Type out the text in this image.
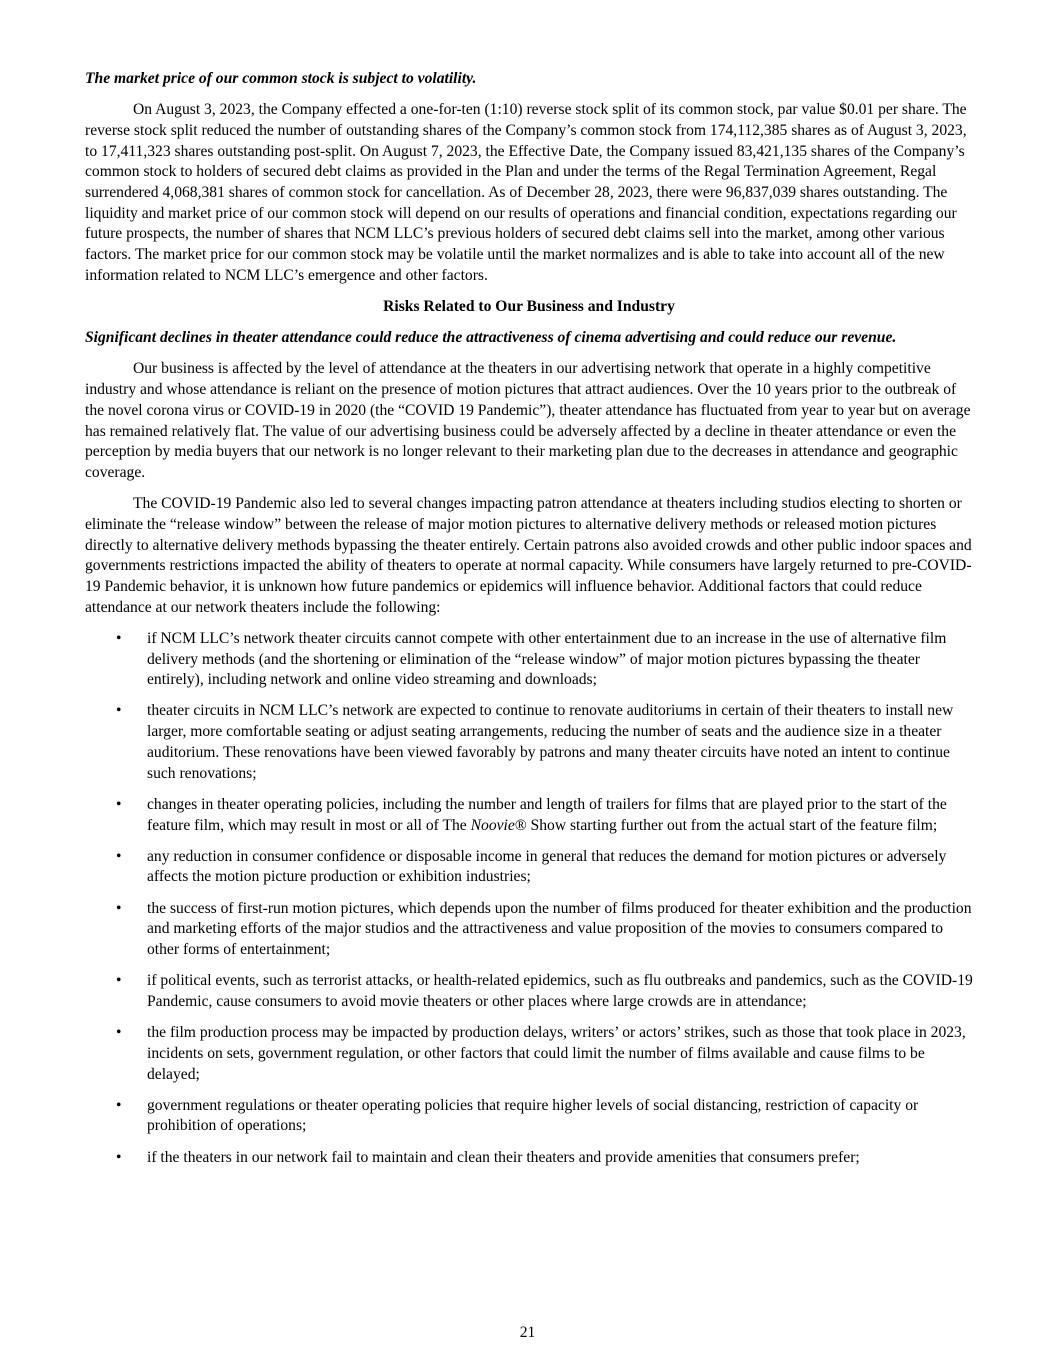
The market price of our common stock is subject to volatility.

On August 3, 2023, the Company effected a one-for-ten (1:10) reverse stock split of its common stock, par value $0.01 per share. The reverse stock split reduced the number of outstanding shares of the Company’s common stock from 174,112,385 shares as of August 3, 2023, to 17,411,323 shares outstanding post-split. On August 7, 2023, the Effective Date, the Company issued 83,421,135 shares of the Company’s common stock to holders of secured debt claims as provided in the Plan and under the terms of the Regal Termination Agreement, Regal surrendered 4,068,381 shares of common stock for cancellation. As of December 28, 2023, there were 96,837,039 shares outstanding. The liquidity and market price of our common stock will depend on our results of operations and financial condition, expectations regarding our future prospects, the number of shares that NCM LLC’s previous holders of secured debt claims sell into the market, among other various factors. The market price for our common stock may be volatile until the market normalizes and is able to take into account all of the new information related to NCM LLC’s emergence and other factors.

Risks Related to Our Business and Industry

Significant declines in theater attendance could reduce the attractiveness of cinema advertising and could reduce our revenue.

Our business is affected by the level of attendance at the theaters in our advertising network that operate in a highly competitive industry and whose attendance is reliant on the presence of motion pictures that attract audiences. Over the 10 years prior to the outbreak of the novel corona virus or COVID-19 in 2020 (the “COVID 19 Pandemic”), theater attendance has fluctuated from year to year but on average has remained relatively flat. The value of our advertising business could be adversely affected by a decline in theater attendance or even the perception by media buyers that our network is no longer relevant to their marketing plan due to the decreases in attendance and geographic coverage.

The COVID-19 Pandemic also led to several changes impacting patron attendance at theaters including studios electing to shorten or eliminate the “release window” between the release of major motion pictures to alternative delivery methods or released motion pictures directly to alternative delivery methods bypassing the theater entirely. Certain patrons also avoided crowds and other public indoor spaces and governments restrictions impacted the ability of theaters to operate at normal capacity. While consumers have largely returned to pre-COVID-19 Pandemic behavior, it is unknown how future pandemics or epidemics will influence behavior. Additional factors that could reduce attendance at our network theaters include the following:

• if NCM LLC’s network theater circuits cannot compete with other entertainment due to an increase in the use of alternative film delivery methods (and the shortening or elimination of the “release window” of major motion pictures bypassing the theater entirely), including network and online video streaming and downloads;
• theater circuits in NCM LLC’s network are expected to continue to renovate auditoriums in certain of their theaters to install new larger, more comfortable seating or adjust seating arrangements, reducing the number of seats and the audience size in a theater auditorium. These renovations have been viewed favorably by patrons and many theater circuits have noted an intent to continue such renovations;
• changes in theater operating policies, including the number and length of trailers for films that are played prior to the start of the feature film, which may result in most or all of The Noovie® Show starting further out from the actual start of the feature film;
• any reduction in consumer confidence or disposable income in general that reduces the demand for motion pictures or adversely affects the motion picture production or exhibition industries;
• the success of first-run motion pictures, which depends upon the number of films produced for theater exhibition and the production and marketing efforts of the major studios and the attractiveness and value proposition of the movies to consumers compared to other forms of entertainment;
• if political events, such as terrorist attacks, or health-related epidemics, such as flu outbreaks and pandemics, such as the COVID-19 Pandemic, cause consumers to avoid movie theaters or other places where large crowds are in attendance;
• the film production process may be impacted by production delays, writers’ or actors’ strikes, such as those that took place in 2023, incidents on sets, government regulation, or other factors that could limit the number of films available and cause films to be delayed;
• government regulations or theater operating policies that require higher levels of social distancing, restriction of capacity or prohibition of operations;
• if the theaters in our network fail to maintain and clean their theaters and provide amenities that consumers prefer;
21
